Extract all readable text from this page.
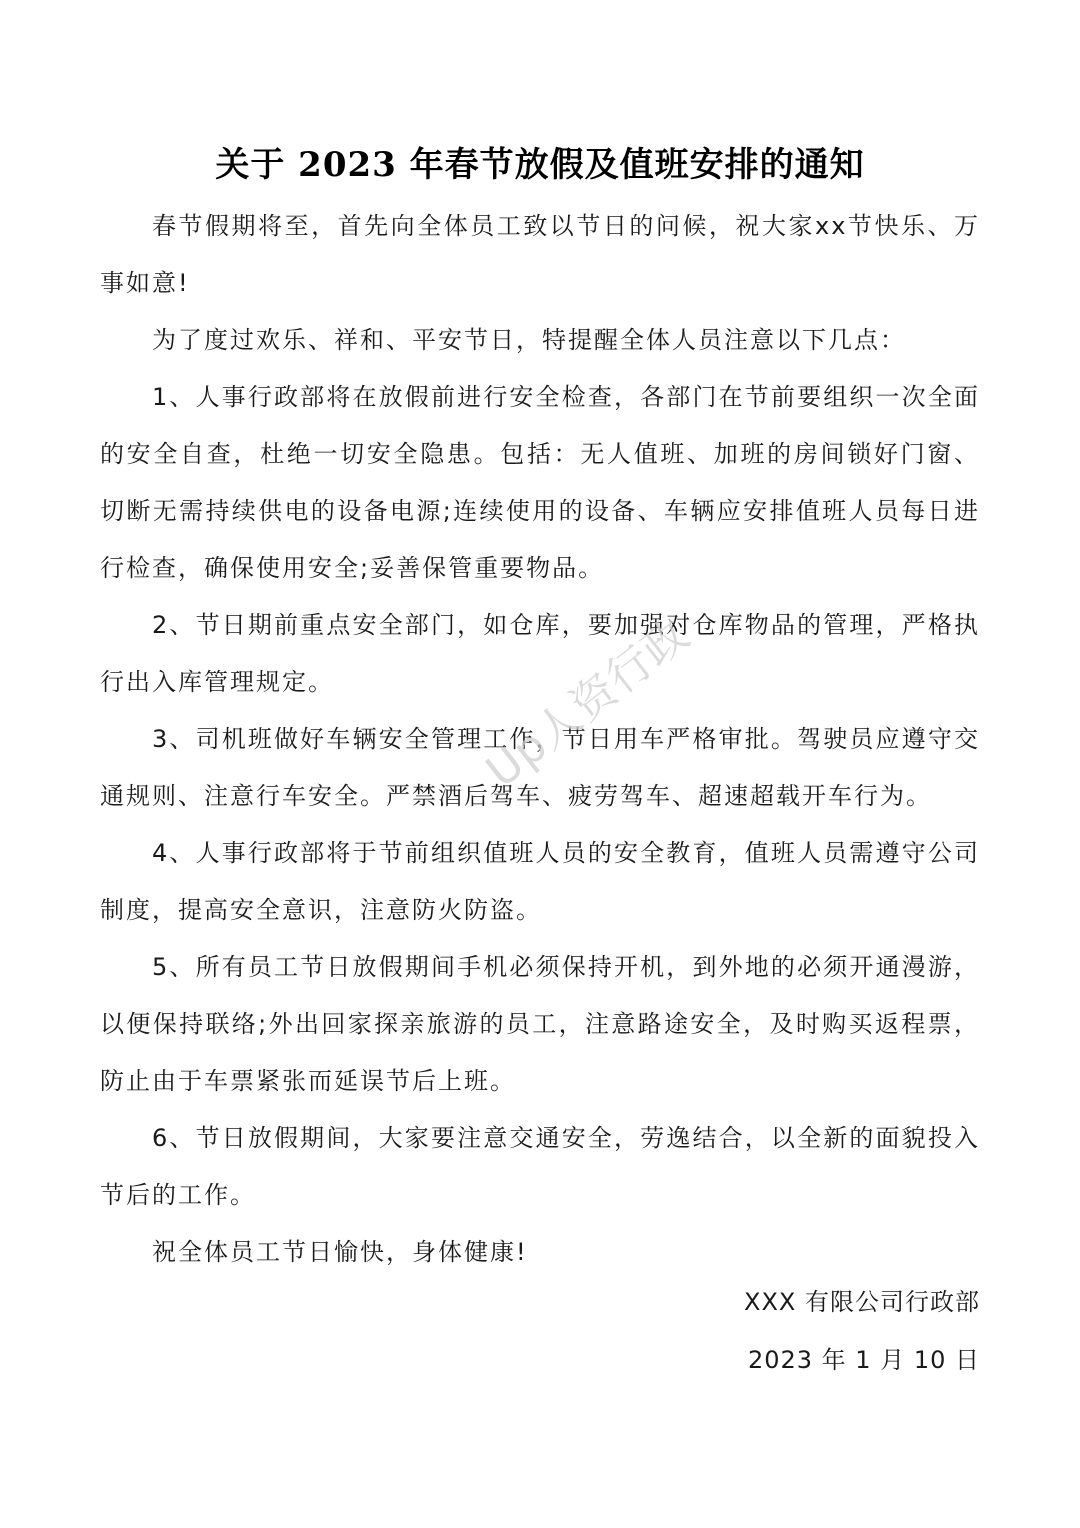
关于 2023 年春节放假及值班安排的通知

春节假期将至，首先向全体员工致以节日的问候，祝大家xx节快乐、万事如意!

为了度过欢乐、祥和、平安节日，特提醒全体人员注意以下几点：

1、人事行政部将在放假前进行安全检查，各部门在节前要组织一次全面的安全自查，杜绝一切安全隐患。包括：无人值班、加班的房间锁好门窗、切断无需持续供电的设备电源;连续使用的设备、车辆应安排值班人员每日进行检查，确保使用安全;妥善保管重要物品。

2、节日期前重点安全部门，如仓库，要加强对仓库物品的管理，严格执行出入库管理规定。

3、司机班做好车辆安全管理工作，节日用车严格审批。驾驶员应遵守交通规则、注意行车安全。严禁酒后驾车、疲劳驾车、超速超载开车行为。

4、人事行政部将于节前组织值班人员的安全教育，值班人员需遵守公司制度，提高安全意识，注意防火防盗。

5、所有员工节日放假期间手机必须保持开机，到外地的必须开通漫游，以便保持联络;外出回家探亲旅游的员工，注意路途安全，及时购买返程票，防止由于车票紧张而延误节后上班。

6、节日放假期间，大家要注意交通安全，劳逸结合，以全新的面貌投入节后的工作。

祝全体员工节日愉快，身体健康!

XXX 有限公司行政部
2023 年 1 月 10 日
Up人资行政
